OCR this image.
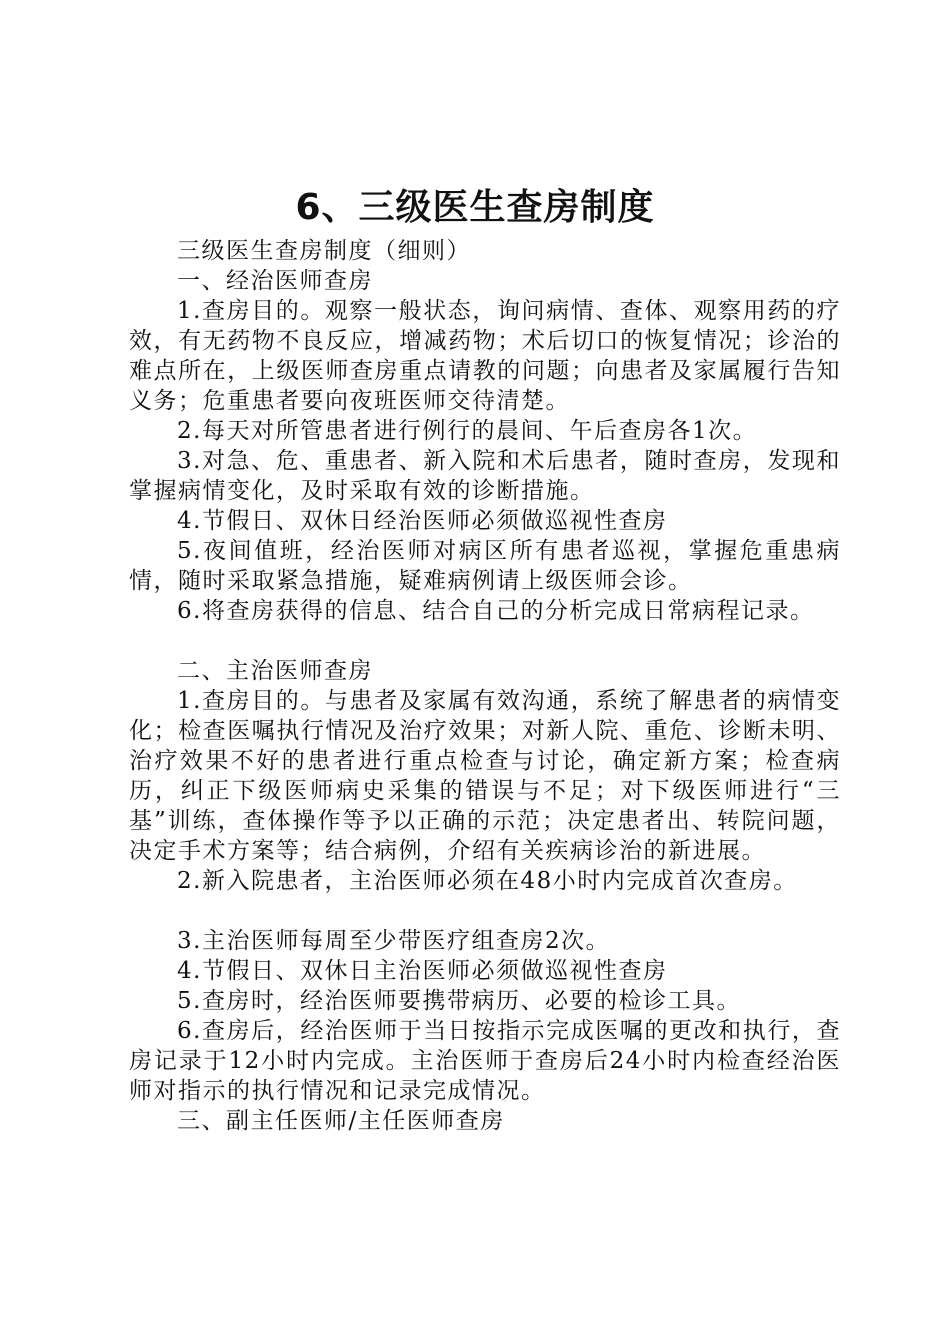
6、三级医生查房制度

三级医生查房制度（细则）

一、经治医师查房

1.查房目的。观察一般状态，询问病情、查体、观察用药的疗效，有无药物不良反应，增减药物；术后切口的恢复情况；诊治的难点所在，上级医师查房重点请教的问题；向患者及家属履行告知义务；危重患者要向夜班医师交待清楚。

2.每天对所管患者进行例行的晨间、午后查房各1次。

3.对急、危、重患者、新入院和术后患者，随时查房，发现和掌握病情变化，及时采取有效的诊断措施。

4.节假日、双休日经治医师必须做巡视性查房

5.夜间值班，经治医师对病区所有患者巡视，掌握危重患病情，随时采取紧急措施，疑难病例请上级医师会诊。

6.将查房获得的信息、结合自己的分析完成日常病程记录。

二、主治医师查房

1.查房目的。与患者及家属有效沟通，系统了解患者的病情变化；检查医嘱执行情况及治疗效果；对新人院、重危、诊断未明、治疗效果不好的患者进行重点检查与讨论，确定新方案；检查病历，纠正下级医师病史采集的错误与不足；对下级医师进行“三基”训练，查体操作等予以正确的示范；决定患者出、转院问题，决定手术方案等；结合病例，介绍有关疾病诊治的新进展。

2.新入院患者，主治医师必须在48小时内完成首次查房。

3.主治医师每周至少带医疗组查房2次。

4.节假日、双休日主治医师必须做巡视性查房

5.查房时，经治医师要携带病历、必要的检诊工具。

6.查房后，经治医师于当日按指示完成医嘱的更改和执行，查房记录于12小时内完成。主治医师于查房后24小时内检查经治医师对指示的执行情况和记录完成情况。

三、副主任医师/主任医师查房
